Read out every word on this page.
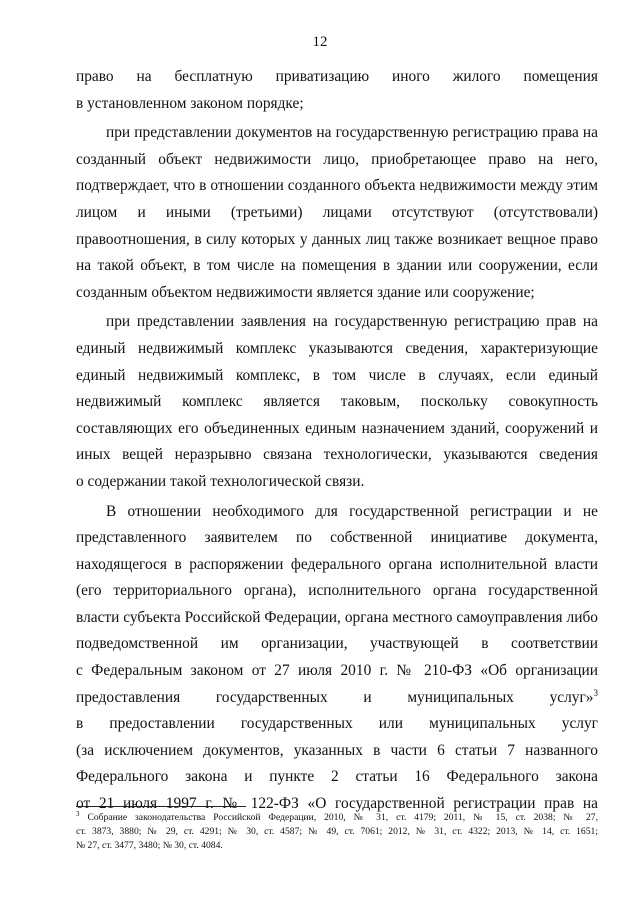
12
право на бесплатную приватизацию иного жилого помещения
в установленном законом порядке;
при представлении документов на государственную регистрацию права на
созданный объект недвижимости лицо, приобретающее право на него,
подтверждает, что в отношении созданного объекта недвижимости между этим
лицом и иными (третьими) лицами отсутствуют (отсутствовали)
правоотношения, в силу которых у данных лиц также возникает вещное право
на такой объект, в том числе на помещения в здании или сооружении, если
созданным объектом недвижимости является здание или сооружение;
при представлении заявления на государственную регистрацию прав на
единый недвижимый комплекс указываются сведения, характеризующие
единый недвижимый комплекс, в том числе в случаях, если единый
недвижимый комплекс является таковым, поскольку совокупность
составляющих его объединенных единым назначением зданий, сооружений и
иных вещей неразрывно связана технологически, указываются сведения
о содержании такой технологической связи.
В отношении необходимого для государственной регистрации и не
представленного заявителем по собственной инициативе документа,
находящегося в распоряжении федерального органа исполнительной власти
(его территориального органа), исполнительного органа государственной
власти субъекта Российской Федерации, органа местного самоуправления либо
подведомственной им организации, участвующей в соответствии
с Федеральным законом от 27 июля 2010 г. № 210-ФЗ «Об организации
предоставления государственных и муниципальных услуг»$^3$
в предоставлении государственных или муниципальных услуг
(за исключением документов, указанных в части 6 статьи 7 названного
Федерального закона и пункте 2 статьи 16 Федерального закона
от 21 июля 1997 г. № 122-ФЗ «О государственной регистрации прав на
$^3$ Собрание законодательства Российской Федерации, 2010, № 31, ст. 4179; 2011, № 15, ст. 2038; № 27,
ст. 3873, 3880; № 29, ст. 4291; № 30, ст. 4587; № 49, ст. 7061; 2012, № 31, ст. 4322; 2013, № 14, ст. 1651;
№ 27, ст. 3477, 3480; № 30, ст. 4084.
